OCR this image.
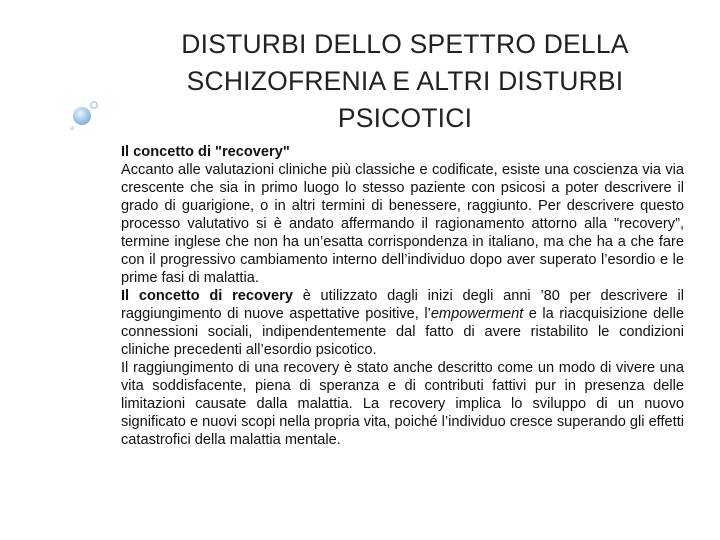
DISTURBI DELLO SPETTRO DELLA SCHIZOFRENIA E ALTRI DISTURBI PSICOTICI

Il concetto di "recovery"

Accanto alle valutazioni cliniche più classiche e codificate, esiste una coscienza via via crescente che sia in primo luogo lo stesso paziente con psicosi a poter descrivere il grado di guarigione, o in altri termini di benessere, raggiunto. Per descrivere questo processo valutativo si è andato affermando il ragionamento attorno alla "recovery”, termine inglese che non ha un’esatta corrispondenza in italiano, ma che ha a che fare con il progressivo cambiamento interno dell’individuo dopo aver superato l’esordio e le prime fasi di malattia.

Il concetto di recovery è utilizzato dagli inizi degli anni ’80 per descrivere il raggiungimento di nuove aspettative positive, l’empowerment e la riacquisizione delle connessioni sociali, indipendentemente dal fatto di avere ristabilito le condizioni cliniche precedenti all’esordio psicotico.

Il raggiungimento di una recovery è stato anche descritto come un modo di vivere una vita soddisfacente, piena di speranza e di contributi fattivi pur in presenza delle limitazioni causate dalla malattia. La recovery implica lo sviluppo di un nuovo significato e nuovi scopi nella propria vita, poiché l’individuo cresce superando gli effetti catastrofici della malattia mentale.
